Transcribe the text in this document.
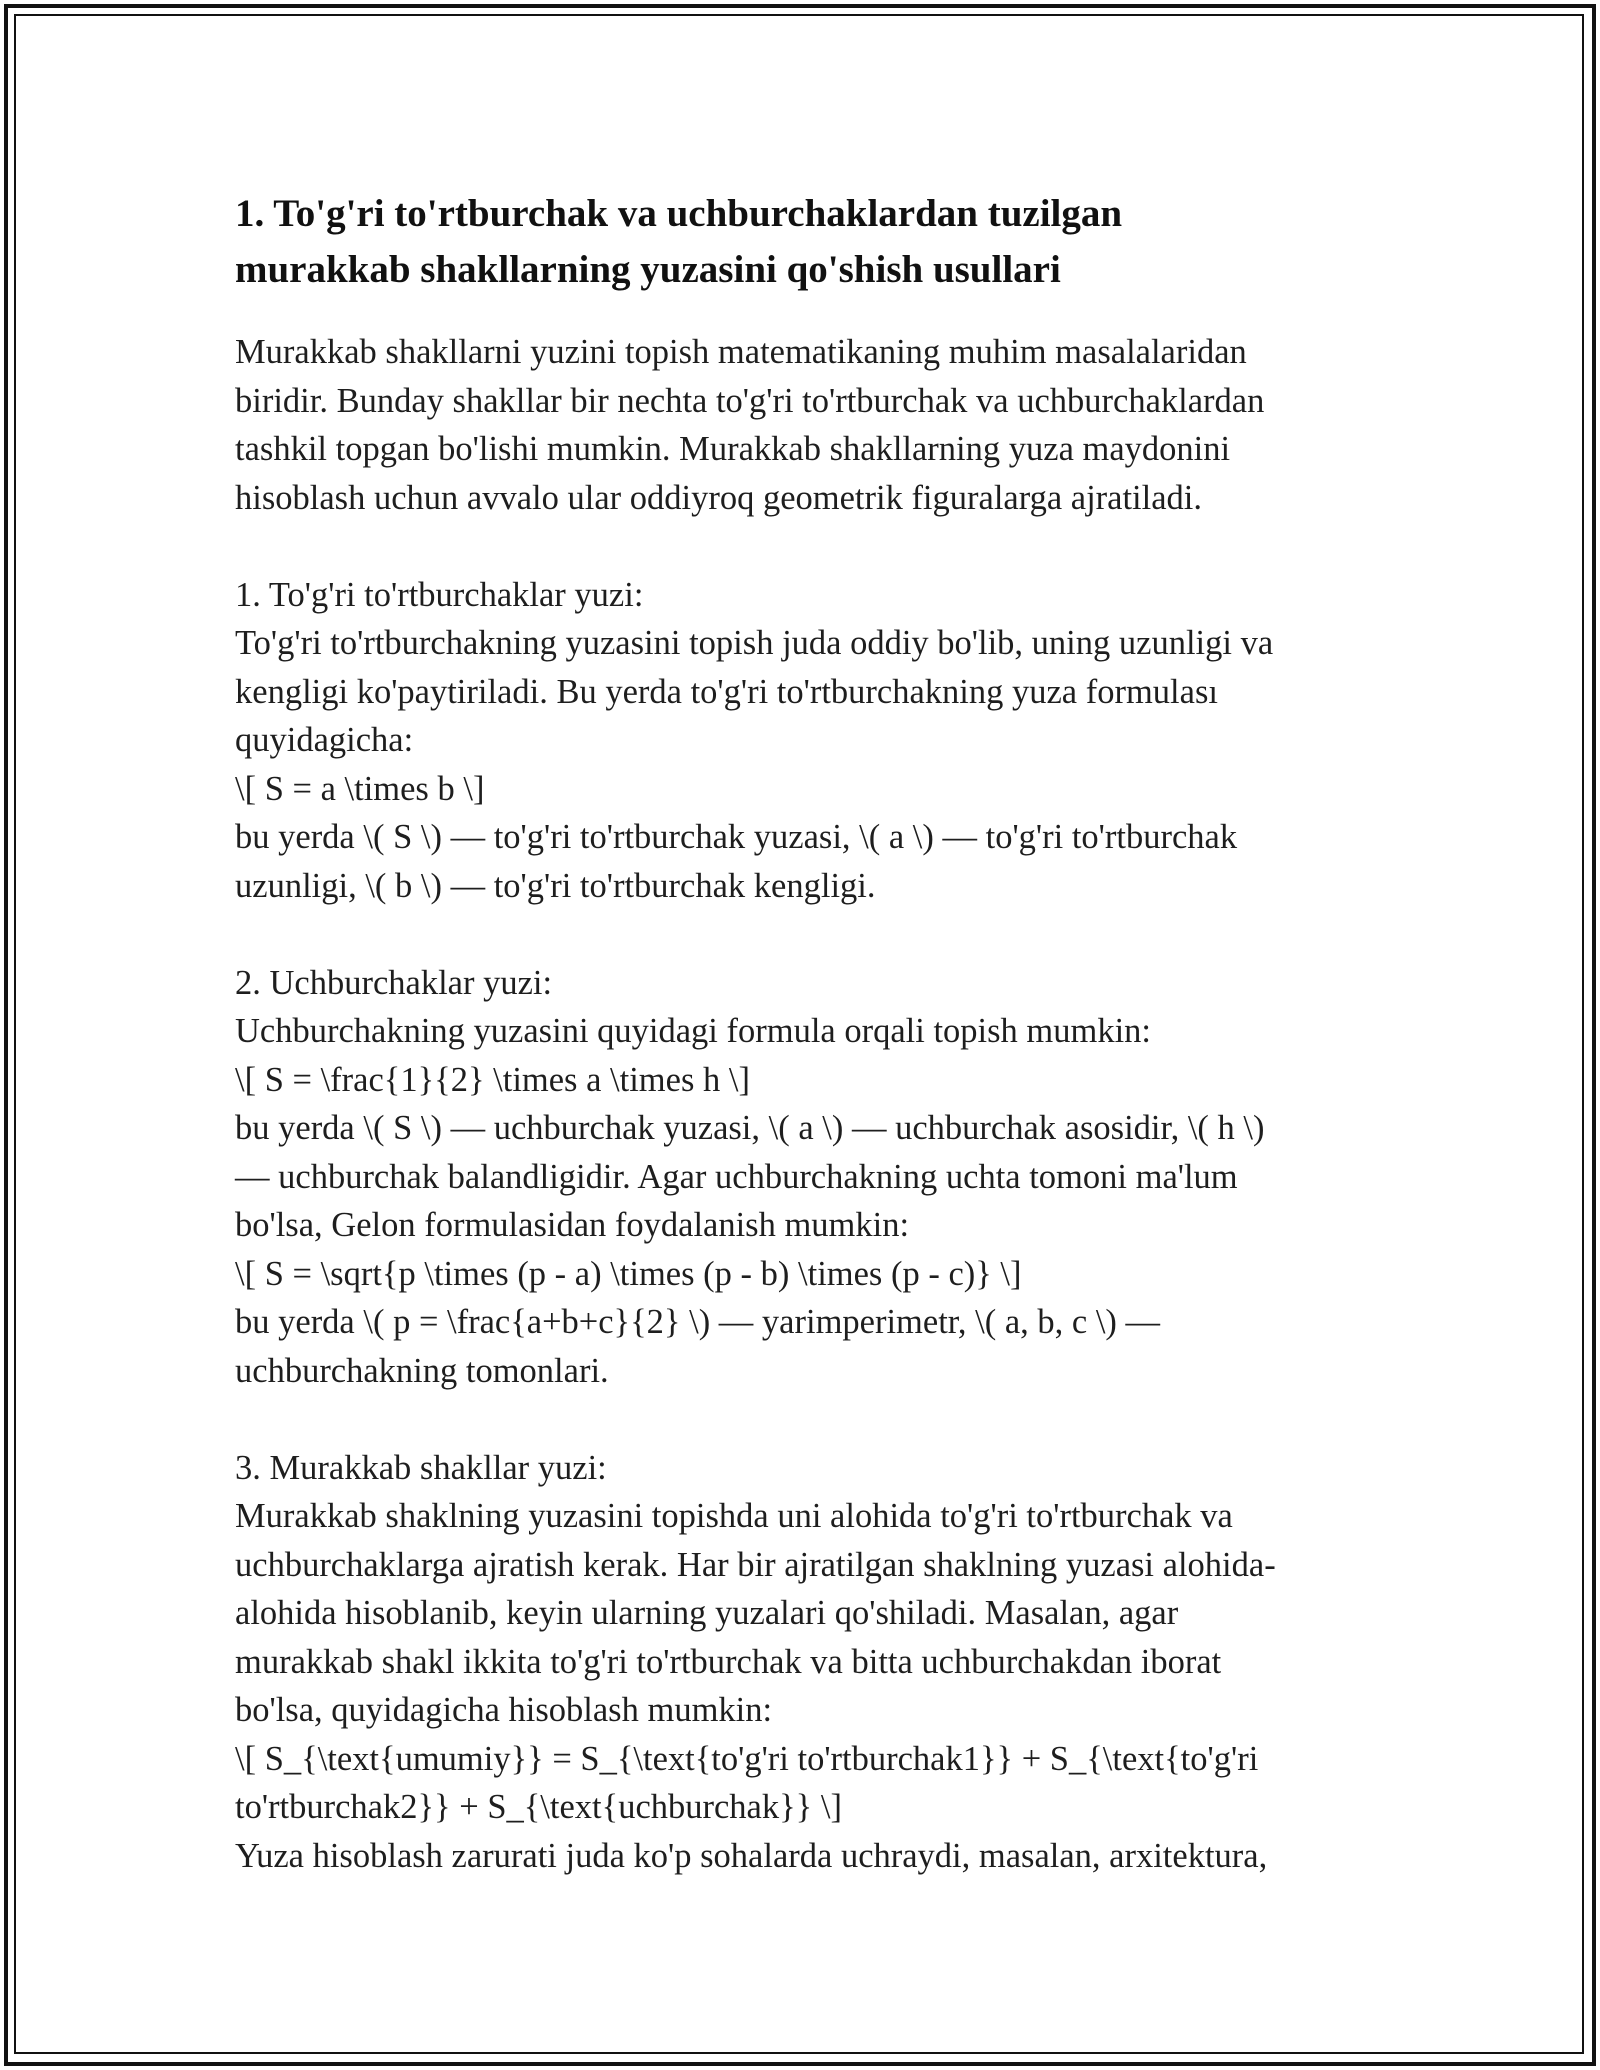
1. To'g'ri to'rtburchak va uchburchaklardan tuzilgan
murakkab shakllarning yuzasini qo'shish usullari
Murakkab shakllarni yuzini topish matematikaning muhim masalalaridan
biridir. Bunday shakllar bir nechta to'g'ri to'rtburchak va uchburchaklardan
tashkil topgan bo'lishi mumkin. Murakkab shakllarning yuza maydonini
hisoblash uchun avvalo ular oddiyroq geometrik figuralarga ajratiladi.
1. To'g'ri to'rtburchaklar yuzi:
To'g'ri to'rtburchakning yuzasini topish juda oddiy bo'lib, uning uzunligi va
kengligi ko'paytiriladi. Bu yerda to'g'ri to'rtburchakning yuza formulası
quyidagicha:
\[ S = a \times b \]
bu yerda \( S \) — to'g'ri to'rtburchak yuzasi, \( a \) — to'g'ri to'rtburchak
uzunligi, \( b \) — to'g'ri to'rtburchak kengligi.
2. Uchburchaklar yuzi:
Uchburchakning yuzasini quyidagi formula orqali topish mumkin:
\[ S = \frac{1}{2} \times a \times h \]
bu yerda \( S \) — uchburchak yuzasi, \( a \) — uchburchak asosidir, \( h \)
— uchburchak balandligidir. Agar uchburchakning uchta tomoni ma'lum
bo'lsa, Gelon formulasidan foydalanish mumkin:
\[ S = \sqrt{p \times (p - a) \times (p - b) \times (p - c)} \]
bu yerda \( p = \frac{a+b+c}{2} \) — yarimperimetr, \( a, b, c \) —
uchburchakning tomonlari.
3. Murakkab shakllar yuzi:
Murakkab shaklning yuzasini topishda uni alohida to'g'ri to'rtburchak va
uchburchaklarga ajratish kerak. Har bir ajratilgan shaklning yuzasi alohida-
alohida hisoblanib, keyin ularning yuzalari qo'shiladi. Masalan, agar
murakkab shakl ikkita to'g'ri to'rtburchak va bitta uchburchakdan iborat
bo'lsa, quyidagicha hisoblash mumkin:
\[ S_{\text{umumiy}} = S_{\text{to'g'ri to'rtburchak1}} + S_{\text{to'g'ri
to'rtburchak2}} + S_{\text{uchburchak}} \]
Yuza hisoblash zarurati juda ko'p sohalarda uchraydi, masalan, arxitektura,
